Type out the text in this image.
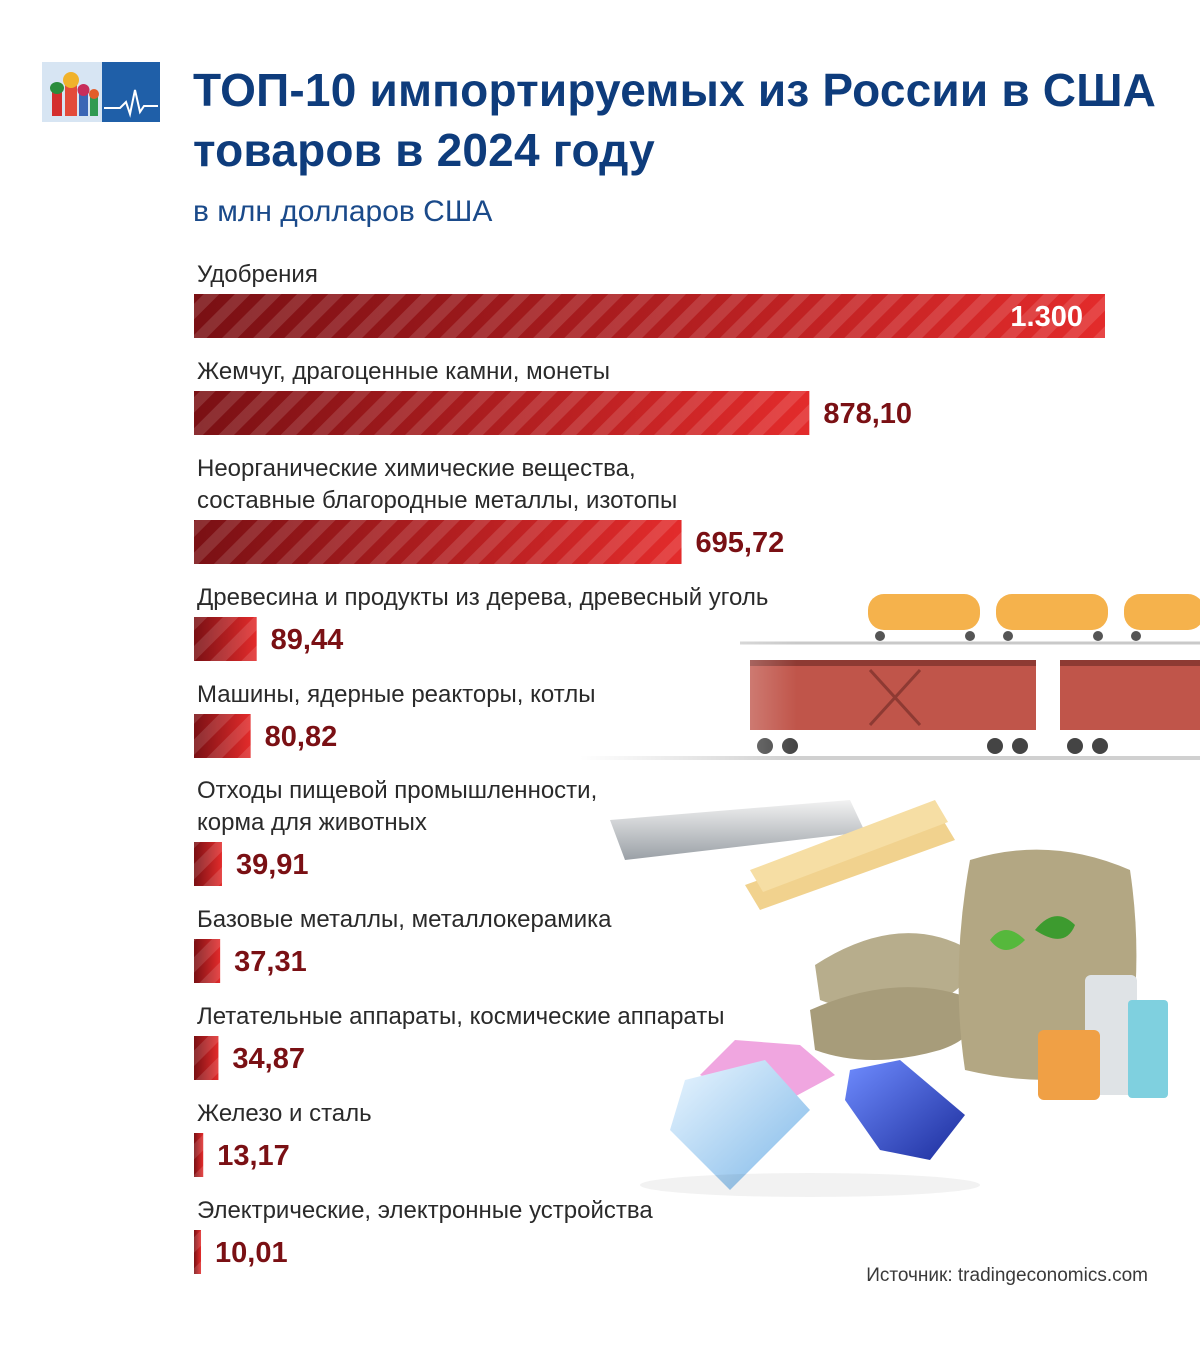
ТОП-10 импортируемых из России в США товаров в 2024 году

в млн долларов США

Удобрения
1.300
Жемчуг, драгоценные камни, монеты
878,10
Неорганические химические вещества,
составные благородные металлы, изотопы
695,72
Древесина и продукты из дерева, древесный уголь
89,44
Машины, ядерные реакторы, котлы
80,82
Отходы пищевой промышленности,
корма для животных
39,91
Базовые металлы, металлокерамика
37,31
Летательные аппараты, космические аппараты
34,87
Железо и сталь
13,17
Электрические, электронные устройства
10,01
Источник: tradingeconomics.com
